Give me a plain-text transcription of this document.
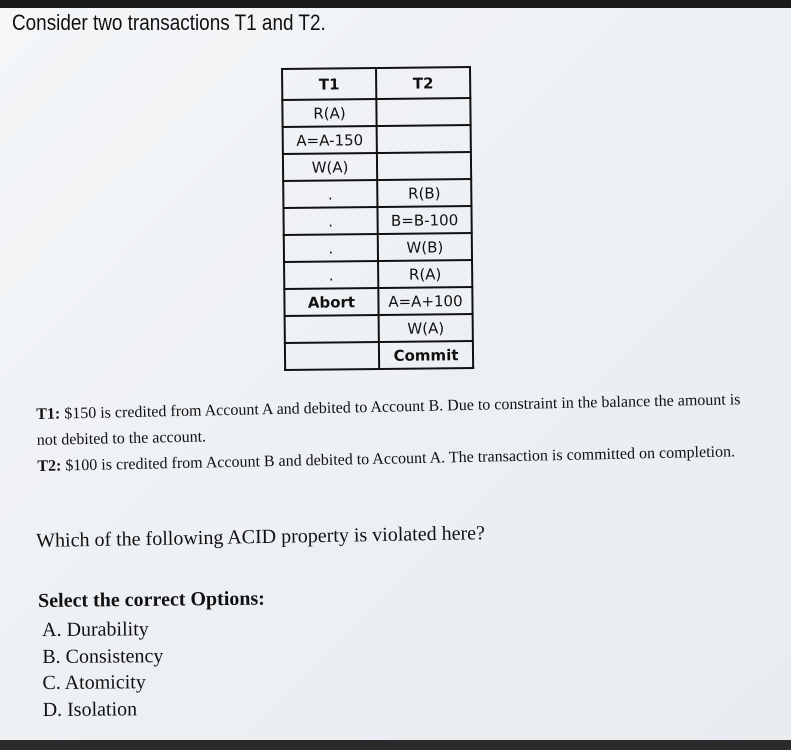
Consider two transactions T1 and T2.
T1	T2
R(A)	
A=A-150	
W(A)	
.	R(B)
.	B=B-100
.	W(B)
.	R(A)
Abort	A=A+100
	W(A)
	Commit

T1: $150 is credited from Account A and debited to Account B. Due to constraint in the balance the amount is not debited to the account.

T2: $100 is credited from Account B and debited to Account A. The transaction is committed on completion.

Which of the following ACID property is violated here?
Select the correct Options:
A. Durability
B. Consistency
C. Atomicity
D. Isolation
